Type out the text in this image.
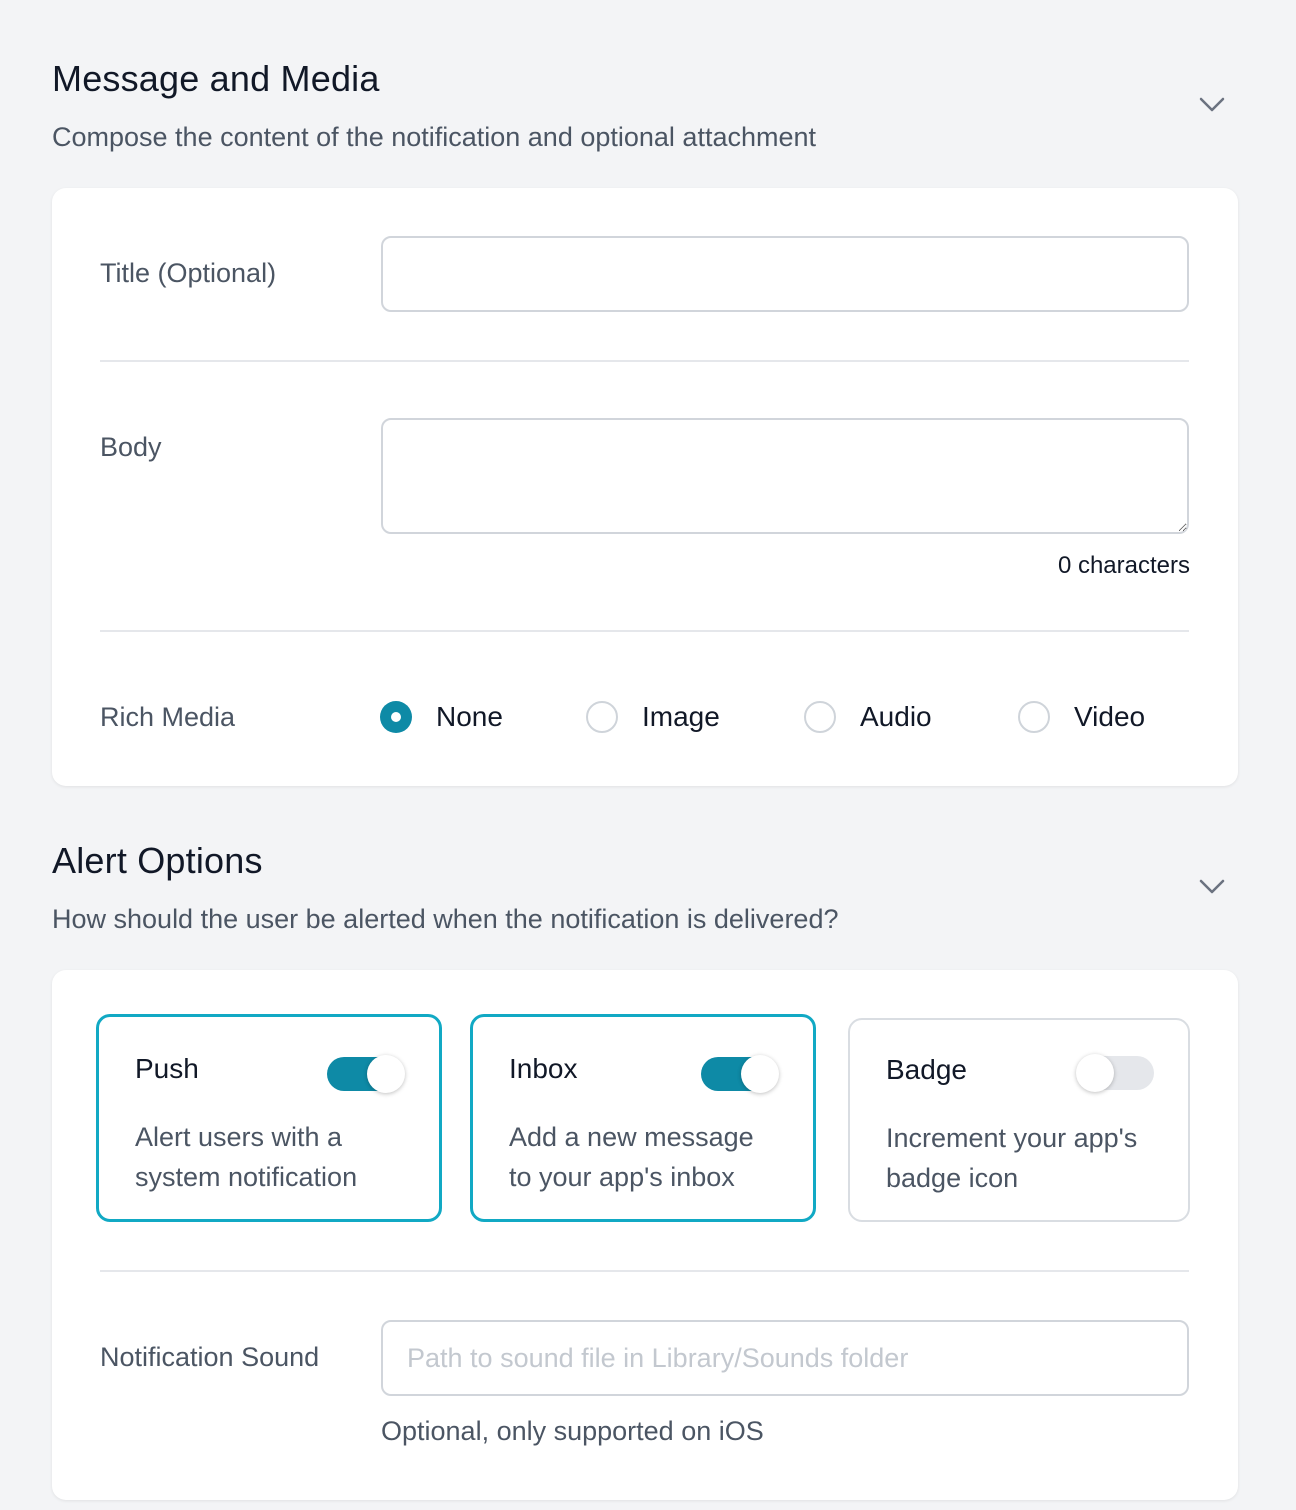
Message and Media
Compose the content of the notification and optional attachment
Title (Optional)
Body
0 characters
Rich Media	None	Image	Audio	Video
Alert Options
How should the user be alerted when the notification is delivered?
Push
Alert users with a system notification
Inbox
Add a new message to your app's inbox
Badge
Increment your app's badge icon
Notification Sound
Path to sound file in Library/Sounds folder
Optional, only supported on iOS
